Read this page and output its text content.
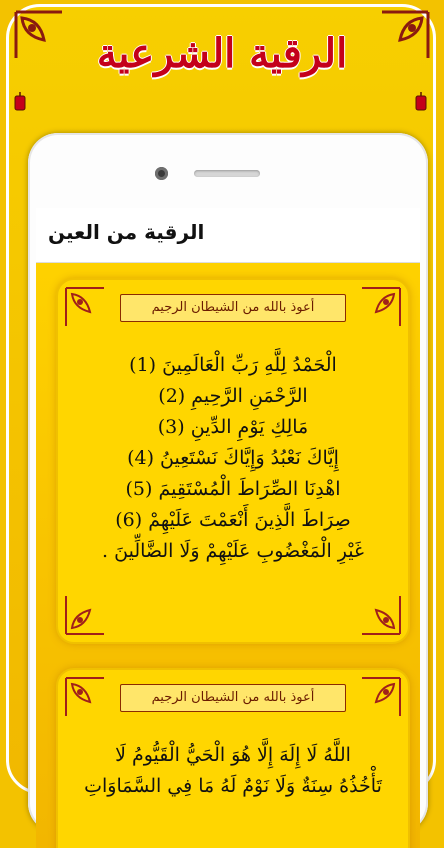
الرقية الشرعية
الرقية من العين
أعوذ بالله من الشيطان الرجيم
الْحَمْدُ لِلَّهِ رَبِّ الْعَالَمِينَ (1)
الرَّحْمَنِ الرَّحِيمِ (2)
مَالِكِ يَوْمِ الدِّينِ (3)
إِيَّاكَ نَعْبُدُ وَإِيَّاكَ نَسْتَعِينُ (4)
اهْدِنَا الصِّرَاطَ الْمُسْتَقِيمَ (5)
صِرَاطَ الَّذِينَ أَنْعَمْتَ عَلَيْهِمْ (6)
غَيْرِ الْمَغْضُوبِ عَلَيْهِمْ وَلَا الضَّالِّينَ .
أعوذ بالله من الشيطان الرجيم
اللَّهُ لَا إِلَهَ إِلَّا هُوَ الْحَيُّ الْقَيُّومُ لَا
تَأْخُذُهُ سِنَةٌ وَلَا نَوْمٌ لَهُ مَا فِي السَّمَاوَاتِ
